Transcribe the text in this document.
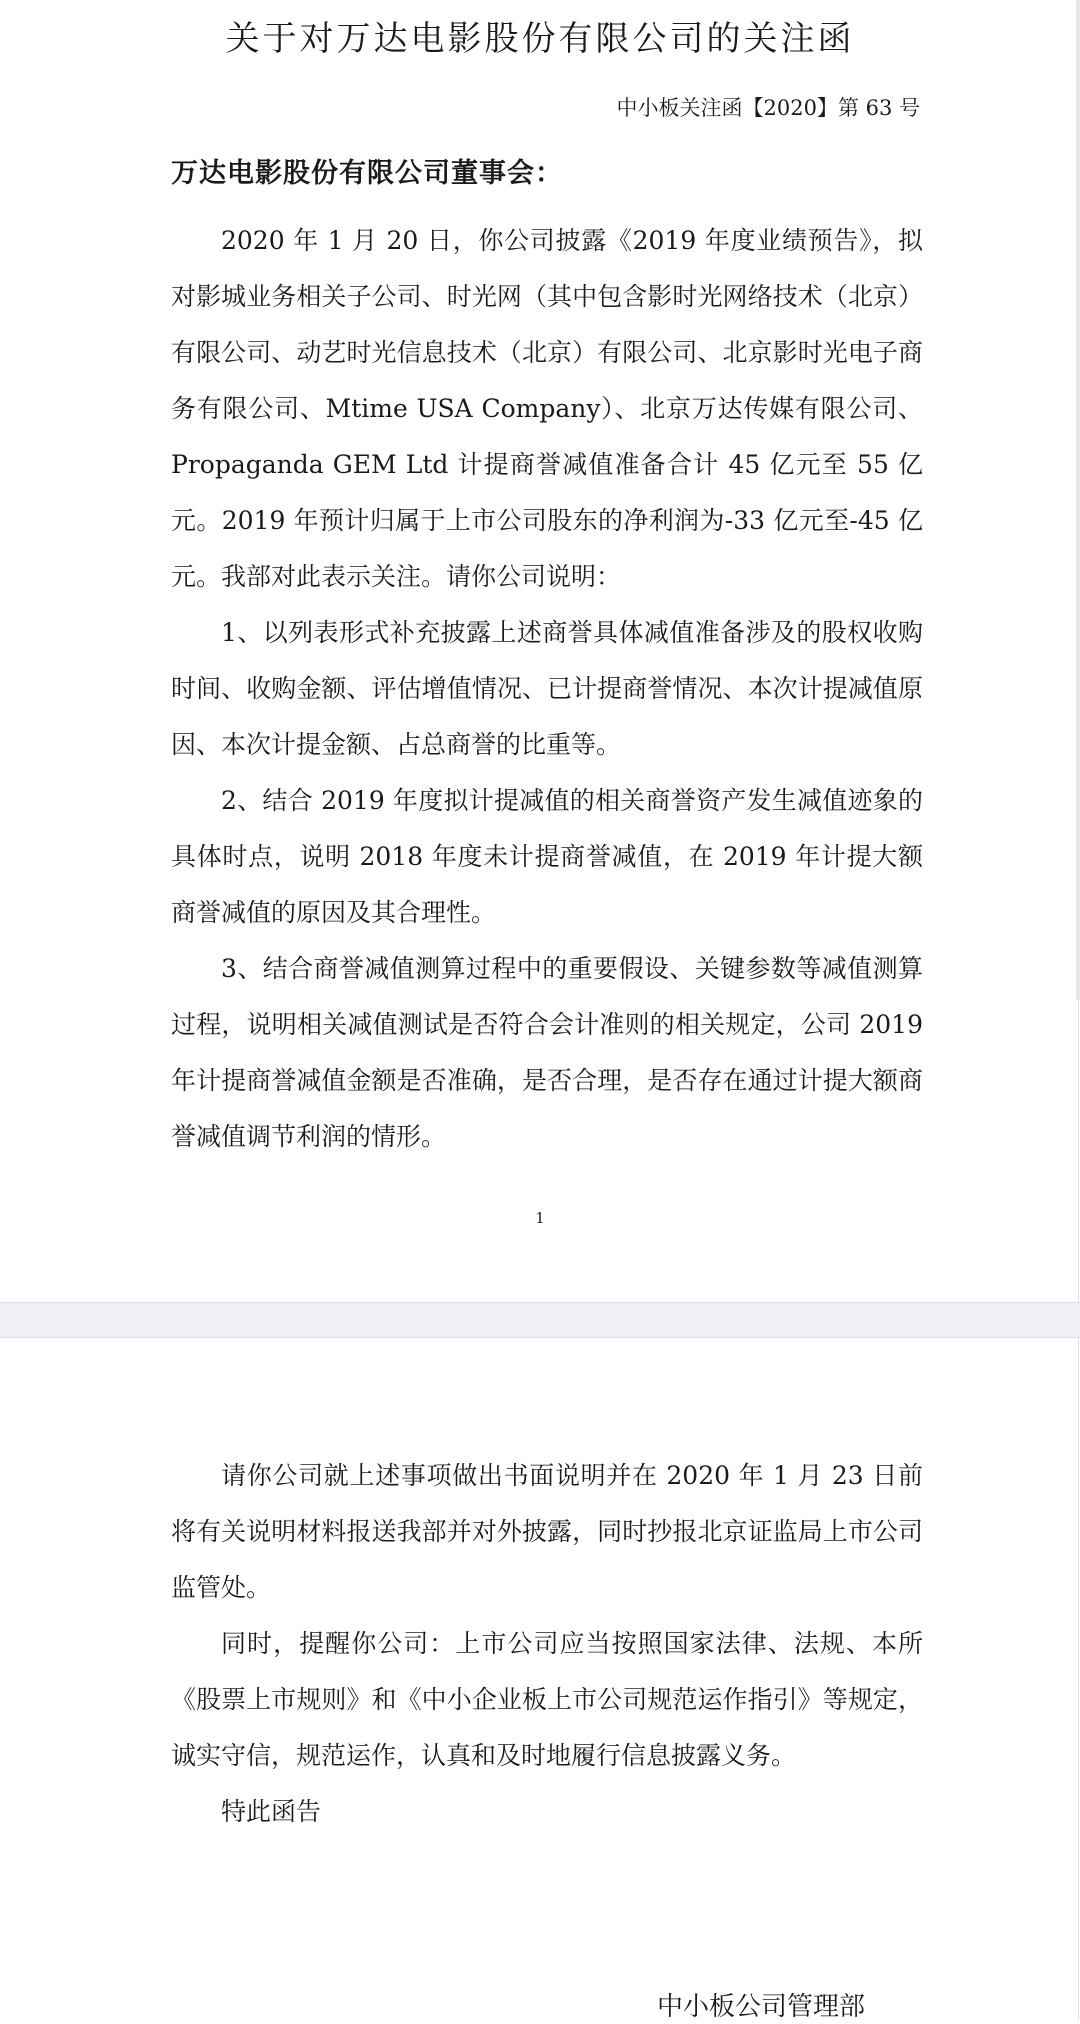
关于对万达电影股份有限公司的关注函
中小板关注函【2020】第 63 号
万达电影股份有限公司董事会：

2020 年 1 月 20 日，你公司披露《2019 年度业绩预告》，拟对影城业务相关子公司、时光网（其中包含影时光网络技术（北京）有限公司、动艺时光信息技术（北京）有限公司、北京影时光电子商务有限公司、Mtime USA Company）、北京万达传媒有限公司、Propaganda GEM Ltd 计提商誉减值准备合计 45 亿元至 55 亿元。2019 年预计归属于上市公司股东的净利润为-33 亿元至-45 亿元。 我部对此表示关注。请你公司说明：

1、以列表形式补充披露上述商誉具体减值准备涉及的股权收购时间、收购金额、评估增值情况、已计提商誉情况、本次计提减值原因、本次计提金额、占总商誉的比重等。

2、结合 2019 年度拟计提减值的相关商誉资产发生减值迹象的具体时点，说明 2018 年度未计提商誉减值，在 2019 年计提大额商誉减值的原因及其合理性。

3、结合商誉减值测算过程中的重要假设、关键参数等减值测算过程，说明相关减值测试是否符合会计准则的相关规定，公司 2019 年计提商誉减值金额是否准确，是否合理，是否存在通过计提大额商誉减值调节利润的情形。

1

请你公司就上述事项做出书面说明并在 2020 年 1 月 23 日前将有关说明材料报送我部并对外披露，同时抄报北京证监局上市公司监管处。

同时，提醒你公司：上市公司应当按照国家法律、法规、本所《股票上市规则》和《中小企业板上市公司规范运作指引》等规定，诚实守信，规范运作，认真和及时地履行信息披露义务。

特此函告

中小板公司管理部
